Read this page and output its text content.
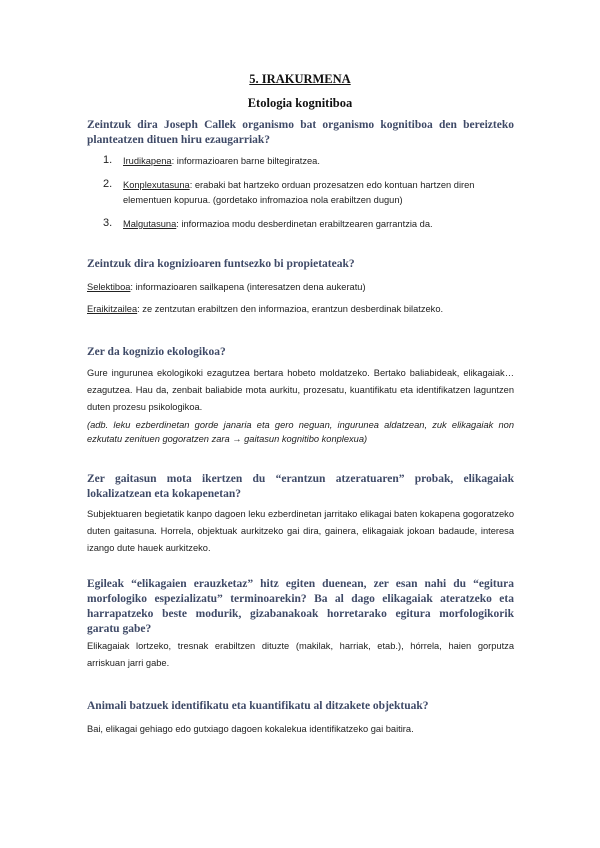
5. IRAKURMENA
Etologia kognitiboa
Zeintzuk dira Joseph Callek organismo bat organismo kognitiboa den bereizteko planteatzen dituen hiru ezaugarriak?
1. Irudikapena: informazioaren barne biltegiratzea.
2. Konplexutasuna: erabaki bat hartzeko orduan prozesatzen edo kontuan hartzen diren elementuen kopurua. (gordetako infromazioa nola erabiltzen dugun)
3. Malgutasuna: informazioa modu desberdinetan erabiltzearen garrantzia da.
Zeintzuk dira kognizioaren funtsezko bi propietateak?
Selektiboa: informazioaren sailkapena (interesatzen dena aukeratu)
Eraikitzailea: ze zentzutan erabiltzen den informazioa, erantzun desberdinak bilatzeko.
Zer da kognizio ekologikoa?
Gure ingurunea ekologikoki ezagutzea bertara hobeto moldatzeko. Bertako baliabideak, elikagaiak… ezagutzea. Hau da, zenbait baliabide mota aurkitu, prozesatu, kuantifikatu eta identifikatzen laguntzen duten prozesu psikologikoa.
(adb. leku ezberdinetan gorde janaria eta gero neguan, ingurunea aldatzean, zuk elikagaiak non ezkutatu zenituen gogoratzen zara → gaitasun kognitibo konplexua)
Zer gaitasun mota ikertzen du “erantzun atzeratuaren” probak, elikagaiak lokalizatzean eta kokapenetan?
Subjektuaren begietatik kanpo dagoen leku ezberdinetan jarritako elikagai baten kokapena gogoratzeko duten gaitasuna. Horrela, objektuak aurkitzeko gai dira, gainera, elikagaiak jokoan badaude, interesa izango dute hauek aurkitzeko.
Egileak “elikagaien erauzketaz” hitz egiten duenean, zer esan nahi du “egitura morfologiko espezializatu” terminoarekin? Ba al dago elikagaiak ateratzeko eta harrapatzeko beste modurik, gizabanakoak horretarako egitura morfologikorik garatu gabe?
Elikagaiak lortzeko, tresnak erabiltzen dituzte (makilak, harriak, etab.), hórrela, haien gorputza arriskuan jarri gabe.
Animali batzuek identifikatu eta kuantifikatu al ditzakete objektuak?
Bai, elikagai gehiago edo gutxiago dagoen kokalekua identifikatzeko gai baitira.
